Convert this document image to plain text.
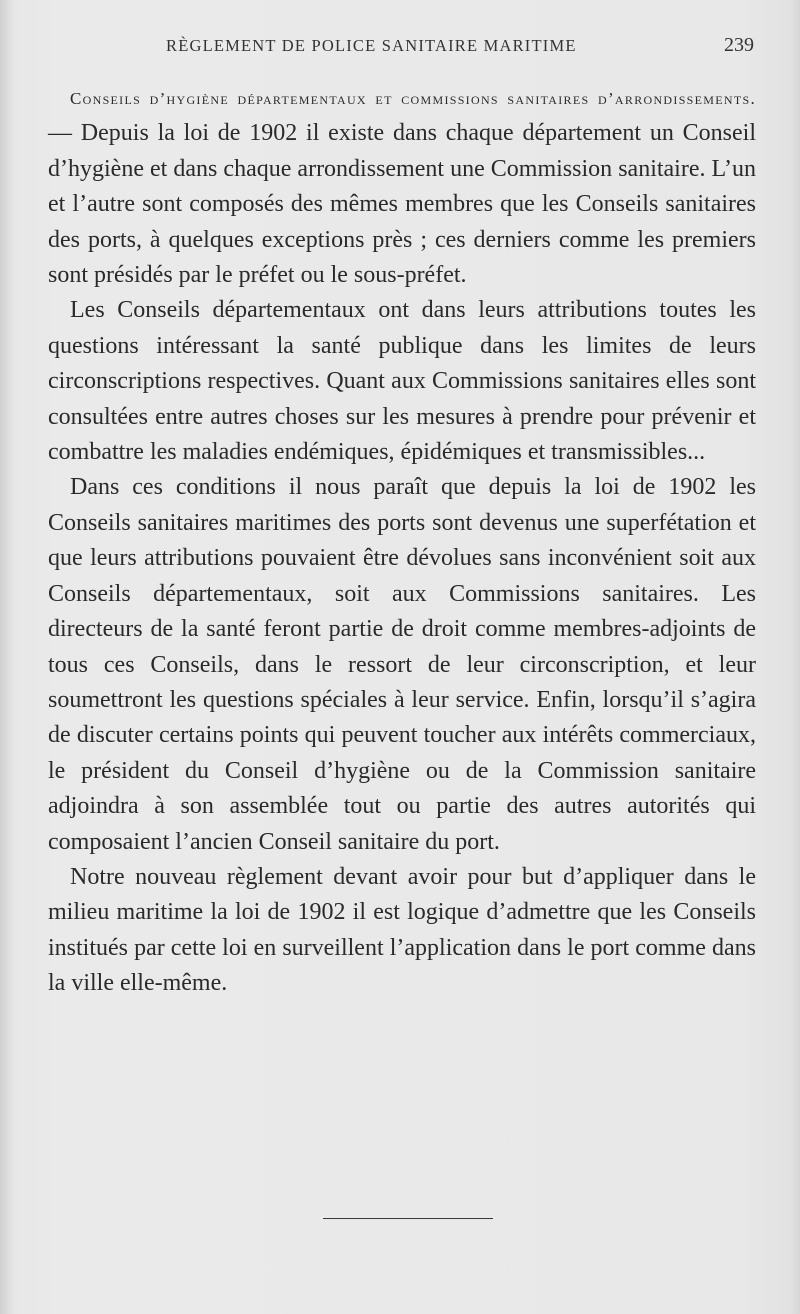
RÈGLEMENT DE POLICE SANITAIRE MARITIME	239

Conseils d’hygiène départementaux et commissions sanitaires d’arrondissements. — Depuis la loi de 1902 il existe dans chaque département un Conseil d’hygiène et dans chaque arrondissement une Commission sanitaire. L’un et l’autre sont composés des mêmes membres que les Conseils sanitaires des ports, à quelques exceptions près ; ces derniers comme les premiers sont présidés par le préfet ou le sous-préfet.

Les Conseils départementaux ont dans leurs attributions toutes les questions intéressant la santé publique dans les limites de leurs circonscriptions respectives. Quant aux Commissions sanitaires elles sont consultées entre autres choses sur les mesures à prendre pour prévenir et combattre les maladies endémiques, épidémiques et transmissibles...

Dans ces conditions il nous paraît que depuis la loi de 1902 les Conseils sanitaires maritimes des ports sont devenus une superfétation et que leurs attributions pouvaient être dévolues sans inconvénient soit aux Conseils départementaux, soit aux Commissions sanitaires. Les directeurs de la santé feront partie de droit comme membres-adjoints de tous ces Conseils, dans le ressort de leur circonscription, et leur soumettront les questions spéciales à leur service. Enfin, lorsqu’il s’agira de discuter certains points qui peuvent toucher aux intérêts commerciaux, le président du Conseil d’hygiène ou de la Commission sanitaire adjoindra à son assemblée tout ou partie des autres autorités qui composaient l’ancien Conseil sanitaire du port.

Notre nouveau règlement devant avoir pour but d’appliquer dans le milieu maritime la loi de 1902 il est logique d’admettre que les Conseils institués par cette loi en surveillent l’application dans le port comme dans la ville elle-même.
